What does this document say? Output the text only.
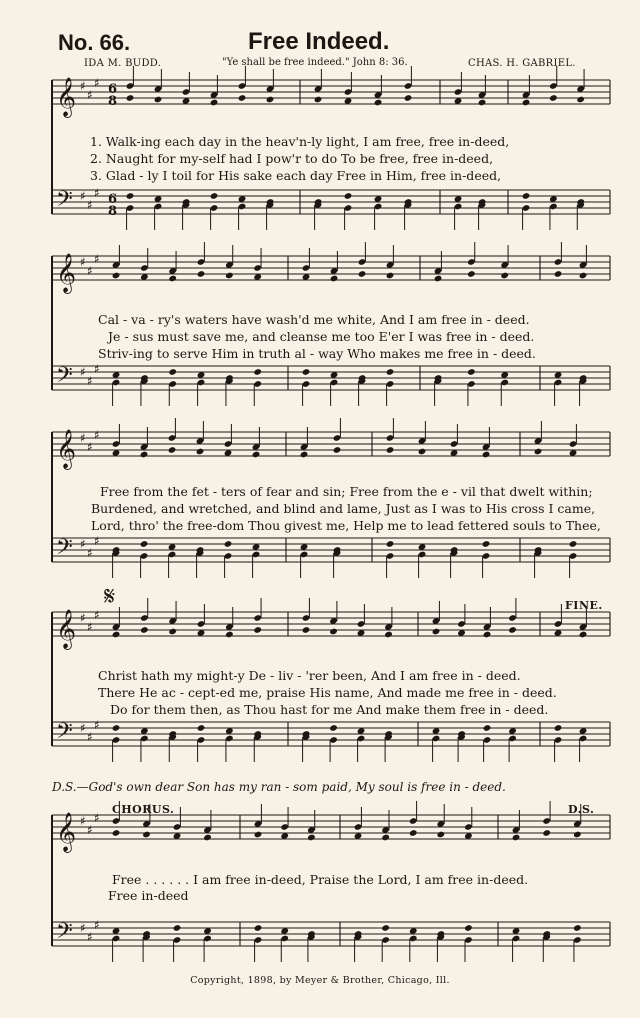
No. 66.	Free Indeed.
IDA M. BUDD.	"Ye shall be free indeed." John 8: 36.	CHAS. H. GABRIEL.
𝄞
𝄢
♯
♯
♯
♯
♯
♯
𝄞
𝄢
♯
♯
♯
♯
♯
♯
𝄞
𝄢
♯
♯
♯
♯
♯
♯
𝄞
𝄢
♯
♯
♯
♯
♯
♯
𝄞
𝄢
♯
♯
♯
♯
♯
♯
6
8
6
8
1. Walk-ing each day in the heav'n-ly light, I am free, free in-deed,
2. Naught for my-self had I pow'r to do To be free, free in-deed,
3. Glad - ly I toil for His sake each day Free in Him, free in-deed,
Cal - va - ry's waters have wash'd me white, And I am free in - deed.
Je - sus must save me, and cleanse me too E'er I was free in - deed.
Striv-ing to serve Him in truth al - way Who makes me free in - deed.
Free from the fet - ters of fear and sin; Free from the e - vil that dwelt within;
Burdened, and wretched, and blind and lame, Just as I was to His cross I came,
Lord, thro' the free-dom Thou givest me, Help me to lead fettered souls to Thee,
Christ hath my might-y De - liv - 'rer been, And I am free in - deed.
There He ac - cept-ed me, praise His name, And made me free in - deed.
Do for them then, as Thou hast for me And make them free in - deed.
FINE.
𝄋
D.S.—God's own dear Son has my ran - som paid, My soul is free in - deed.
CHORUS.	D.S.
Free . . . . . . I am free in-deed, Praise the Lord, I am free in-deed.
Free in-deed
Copyright, 1898, by Meyer & Brother, Chicago, Ill.
